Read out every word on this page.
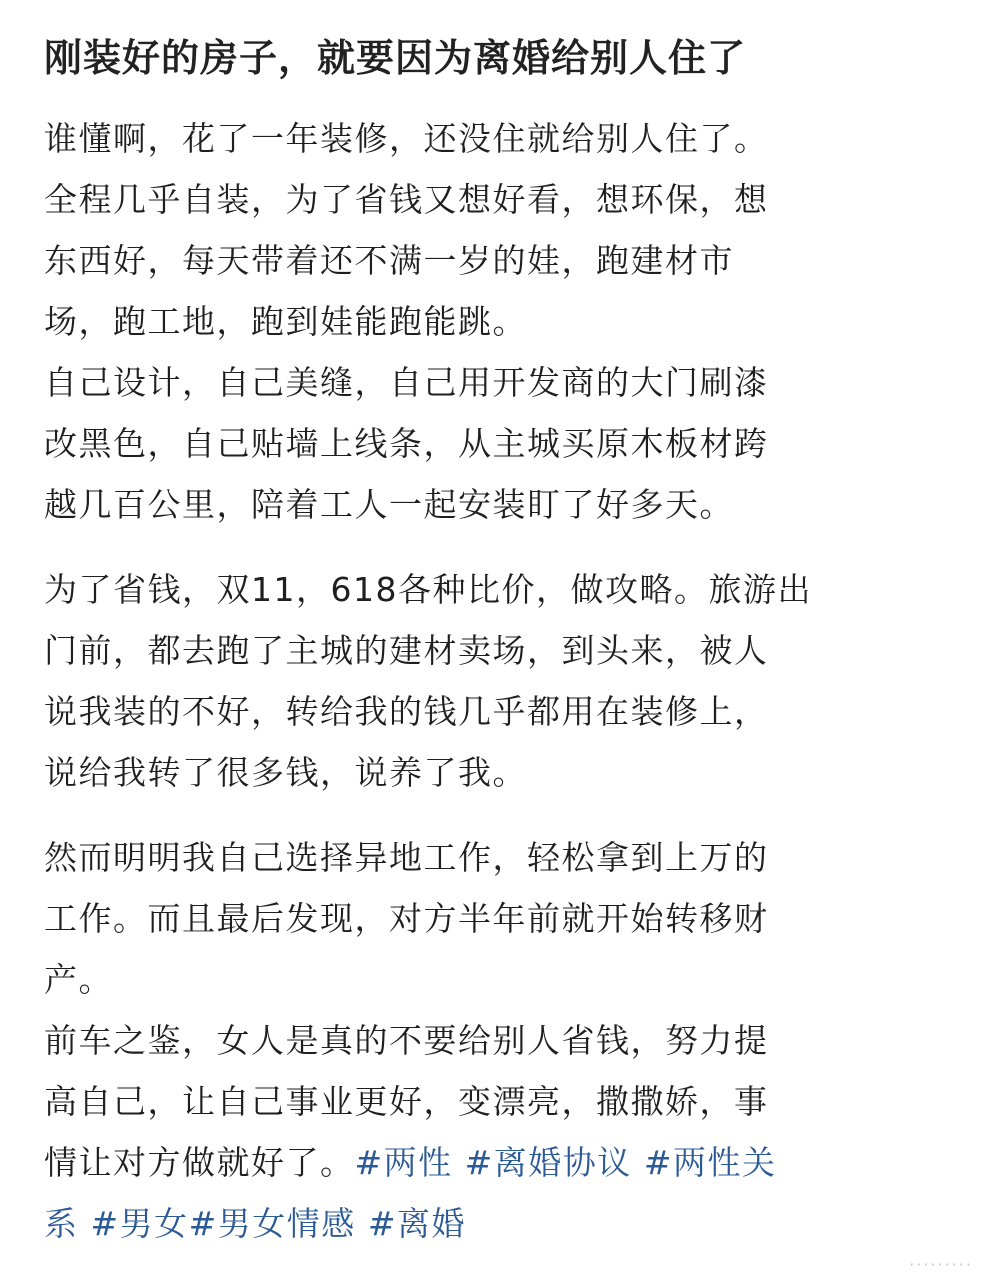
刚装好的房子，就要因为离婚给别人住了
谁懂啊，花了一年装修，还没住就给别人住了。
全程几乎自装，为了省钱又想好看，想环保，想
东西好，每天带着还不满一岁的娃，跑建材市
场，跑工地，跑到娃能跑能跳。
自己设计，自己美缝，自己用开发商的大门刷漆
改黑色，自己贴墙上线条，从主城买原木板材跨
越几百公里，陪着工人一起安装盯了好多天。
为了省钱，双11，618各种比价，做攻略。旅游出
门前，都去跑了主城的建材卖场，到头来，被人
说我装的不好，转给我的钱几乎都用在装修上，
说给我转了很多钱，说养了我。
然而明明我自己选择异地工作，轻松拿到上万的
工作。而且最后发现，对方半年前就开始转移财
产。
前车之鉴，女人是真的不要给别人省钱，努力提
高自己，让自己事业更好，变漂亮，撒撒娇，事
情让对方做就好了。#两性 #离婚协议 #两性关
系 #男女#男女情感 #离婚
·········
